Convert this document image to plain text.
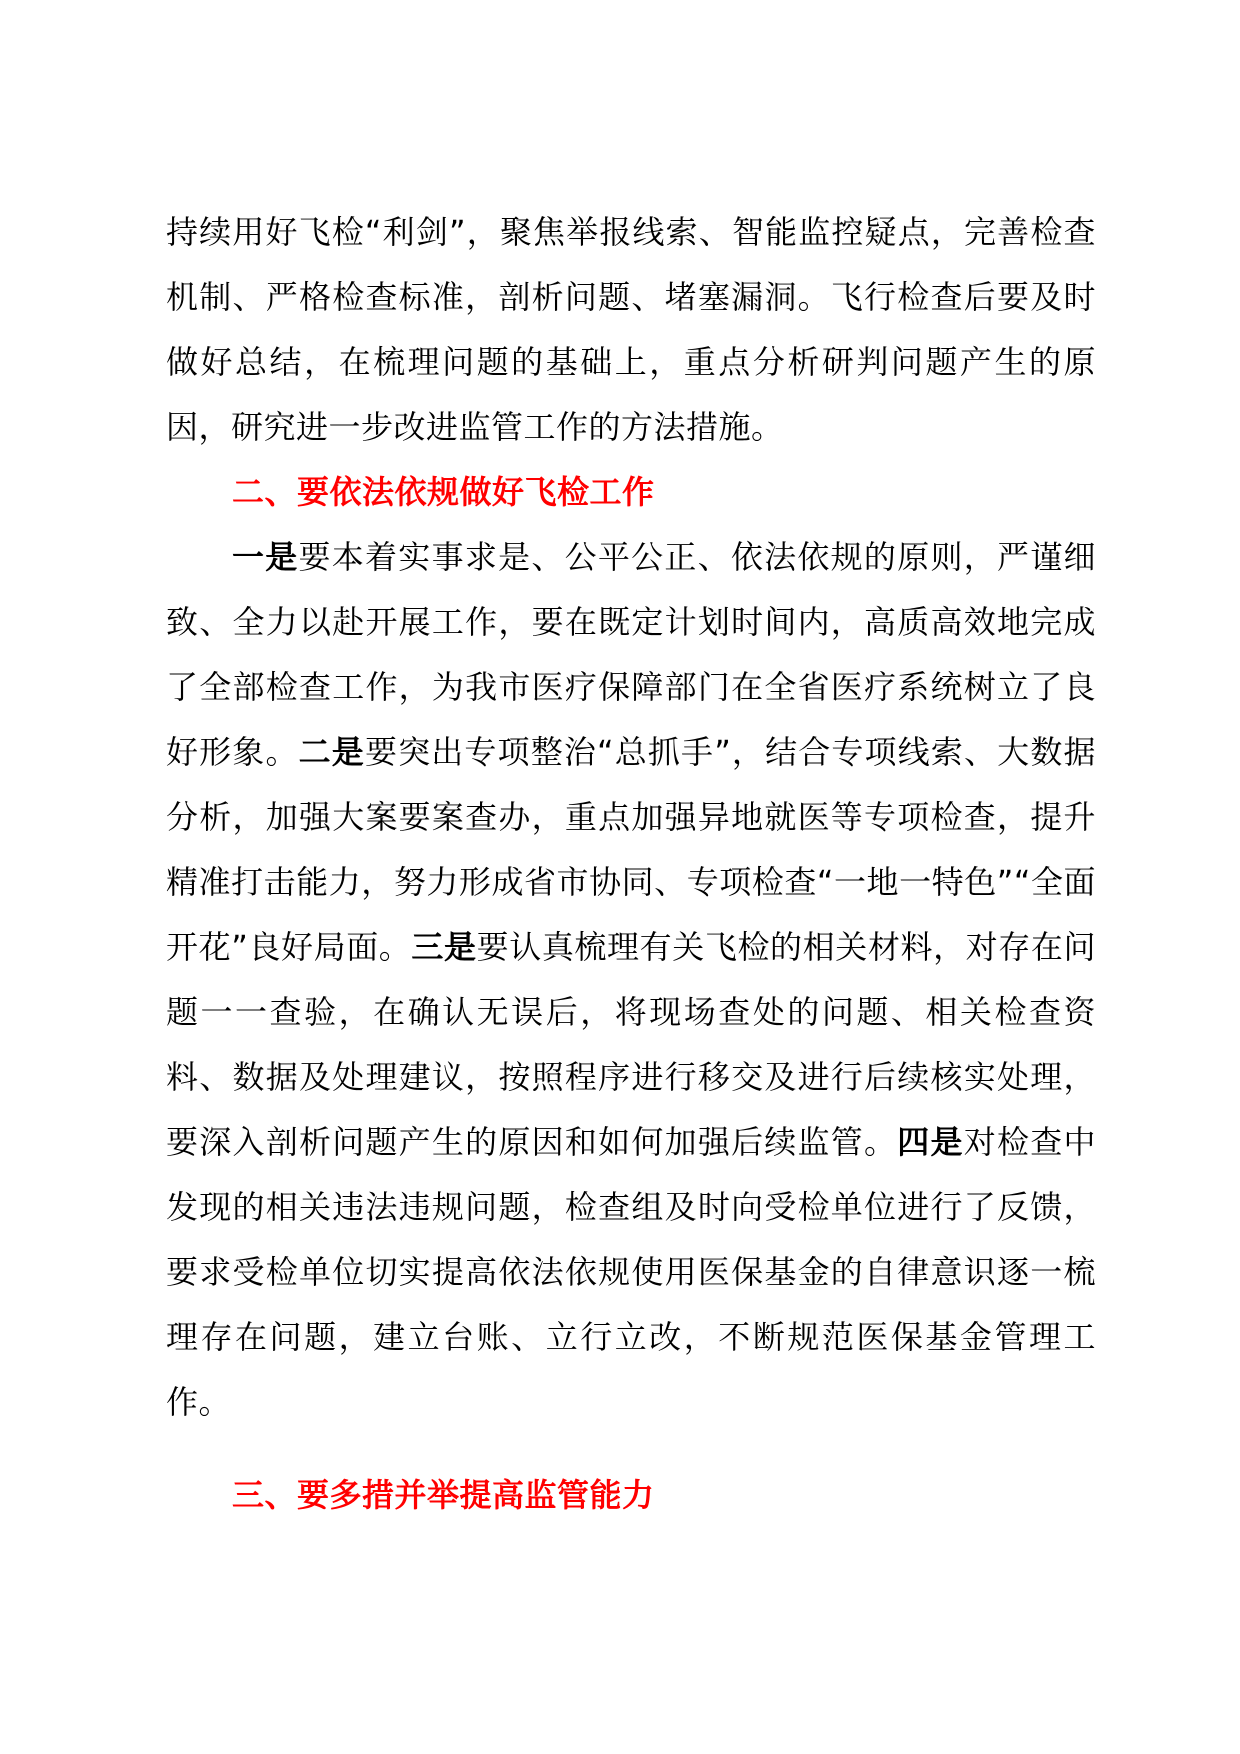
持续用好飞检“利剑”，聚焦举报线索、智能监控疑点，完善检查机制、严格检查标准，剖析问题、堵塞漏洞。飞行检查后要及时做好总结，在梳理问题的基础上，重点分析研判问题产生的原因，研究进一步改进监管工作的方法措施。

二、要依法依规做好飞检工作

一是要本着实事求是、公平公正、依法依规的原则，严谨细致、全力以赴开展工作，要在既定计划时间内，高质高效地完成了全部检查工作，为我市医疗保障部门在全省医疗系统树立了良好形象。二是要突出专项整治“总抓手”，结合专项线索、大数据分析，加强大案要案查办，重点加强异地就医等专项检查，提升精准打击能力，努力形成省市协同、专项检查“一地一特色”“全面开花”良好局面。三是要认真梳理有关飞检的相关材料，对存在问题一一查验，在确认无误后，将现场查处的问题、相关检查资料、数据及处理建议，按照程序进行移交及进行后续核实处理，要深入剖析问题产生的原因和如何加强后续监管。四是对检查中发现的相关违法违规问题，检查组及时向受检单位进行了反馈，要求受检单位切实提高依法依规使用医保基金的自律意识逐一梳理存在问题，建立台账、立行立改，不断规范医保基金管理工作。

三、要多措并举提高监管能力
